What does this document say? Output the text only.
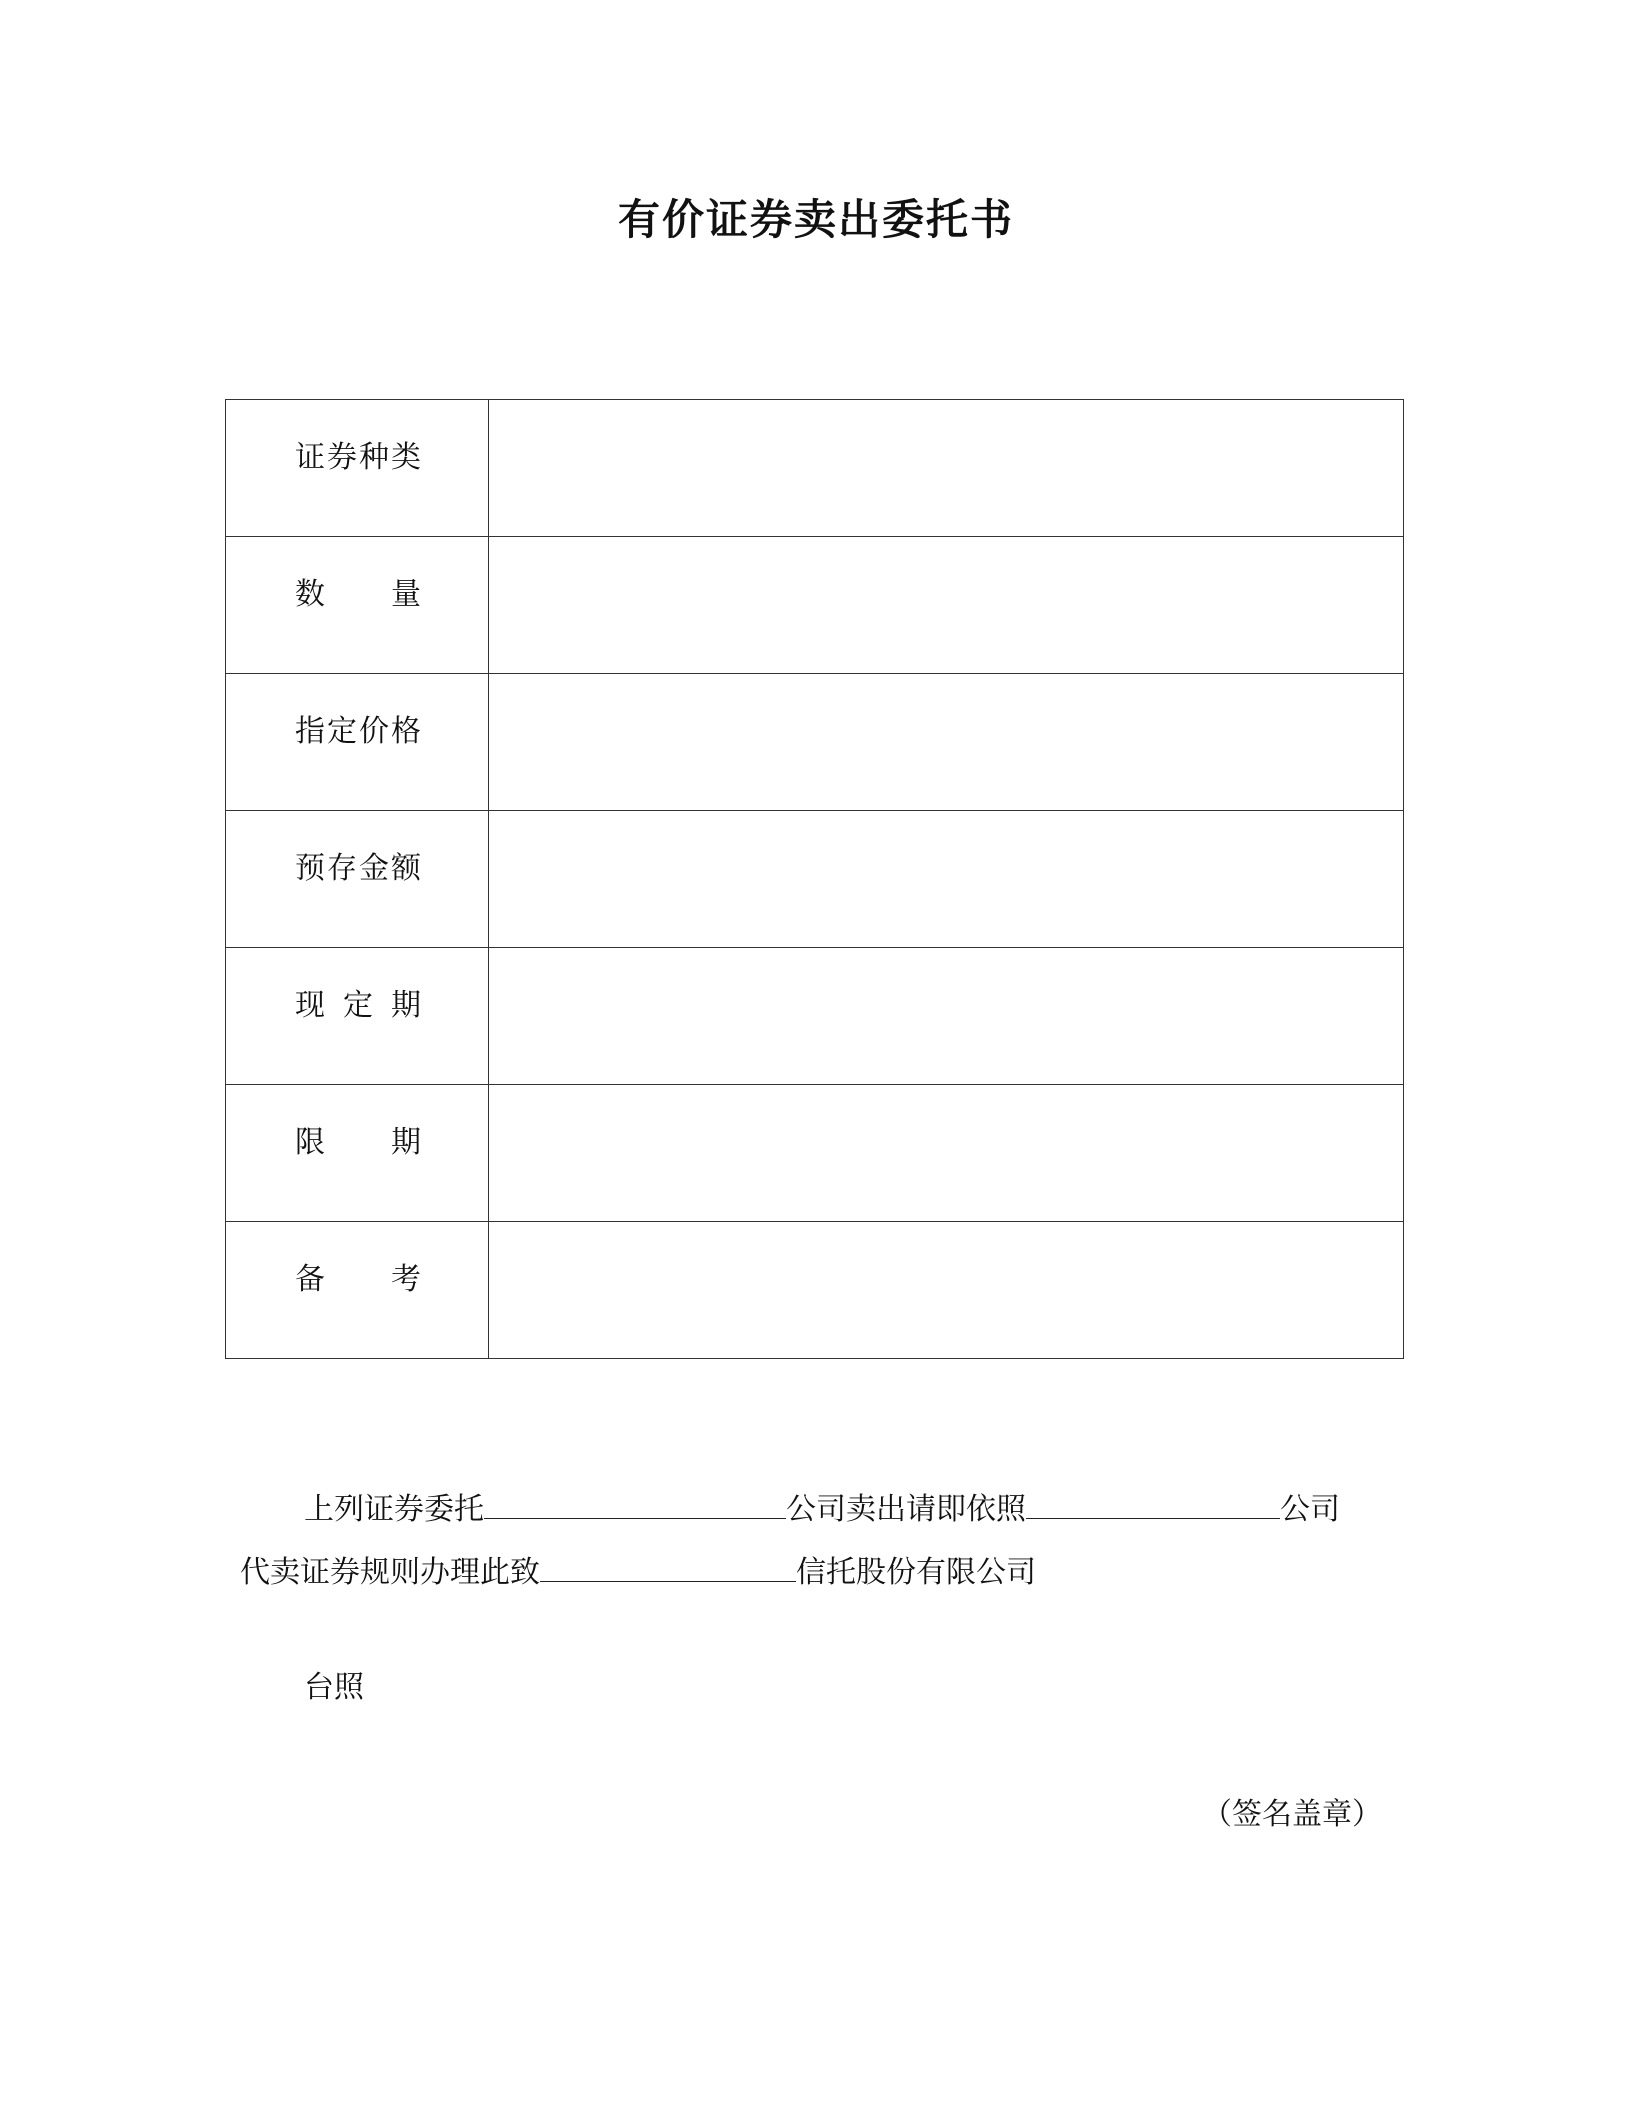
有价证券卖出委托书
证券种类	

数　　量	

指定价格	

预存金额	

现 定 期	

限　　期	

备　　考	

上列证券委托	公司卖出请即依照	公司
代卖证券规则办理此致	信托股份有限公司
台照
（签名盖章）
